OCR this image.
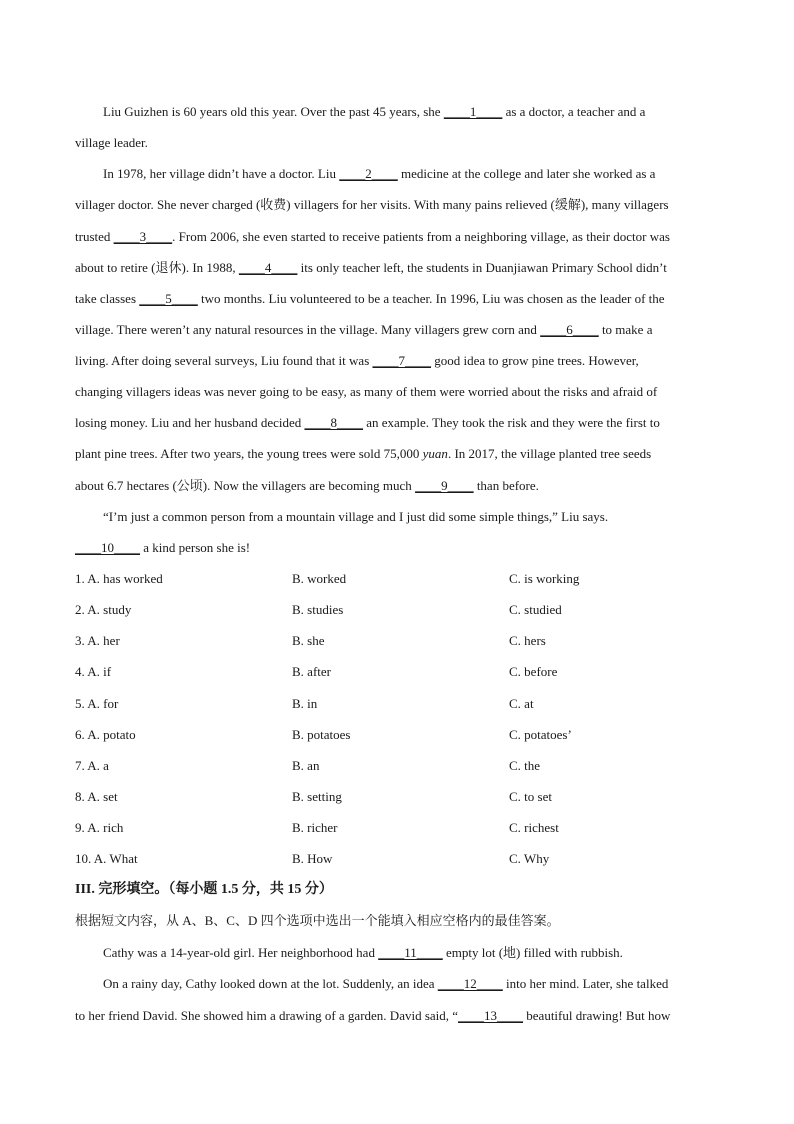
Liu Guizhen is 60 years old this year. Over the past 45 years, she ____1____ as a doctor, a teacher and a
village leader.
In 1978, her village didn’t have a doctor. Liu ____2____ medicine at the college and later she worked as a
villager doctor. She never charged (收费) villagers for her visits. With many pains relieved (缓解), many villagers
trusted ____3____. From 2006, she even started to receive patients from a neighboring village, as their doctor was
about to retire (退休). In 1988, ____4____ its only teacher left, the students in Duanjiawan Primary School didn’t
take classes ____5____ two months. Liu volunteered to be a teacher. In 1996, Liu was chosen as the leader of the
village. There weren’t any natural resources in the village. Many villagers grew corn and ____6____ to make a
living. After doing several surveys, Liu found that it was ____7____ good idea to grow pine trees. However,
changing villagers ideas was never going to be easy, as many of them were worried about the risks and afraid of
losing money. Liu and her husband decided ____8____ an example. They took the risk and they were the first to
plant pine trees. After two years, the young trees were sold 75,000 yuan. In 2017, the village planted tree seeds
about 6.7 hectares (公顷). Now the villagers are becoming much ____9____ than before.
“I’m just a common person from a mountain village and I just did some simple things,” Liu says.
____10____ a kind person she is!
1. A. has worked	B. worked	C. is working
2. A. study	B. studies	C. studied
3. A. her	B. she	C. hers
4. A. if	B. after	C. before
5. A. for	B. in	C. at
6. A. potato	B. potatoes	C. potatoes’
7. A. a	B. an	C. the
8. A. set	B. setting	C. to set
9. A. rich	B. richer	C. richest
10. A. What	B. How	C. Why
III. 完形填空。（每小题 1.5 分，共 15 分）
根据短文内容，从 A、B、C、D 四个选项中选出一个能填入相应空格内的最佳答案。
Cathy was a 14-year-old girl. Her neighborhood had ____11____ empty lot (地) filled with rubbish.
On a rainy day, Cathy looked down at the lot. Suddenly, an idea ____12____ into her mind. Later, she talked
to her friend David. She showed him a drawing of a garden. David said, “____13____ beautiful drawing! But how
